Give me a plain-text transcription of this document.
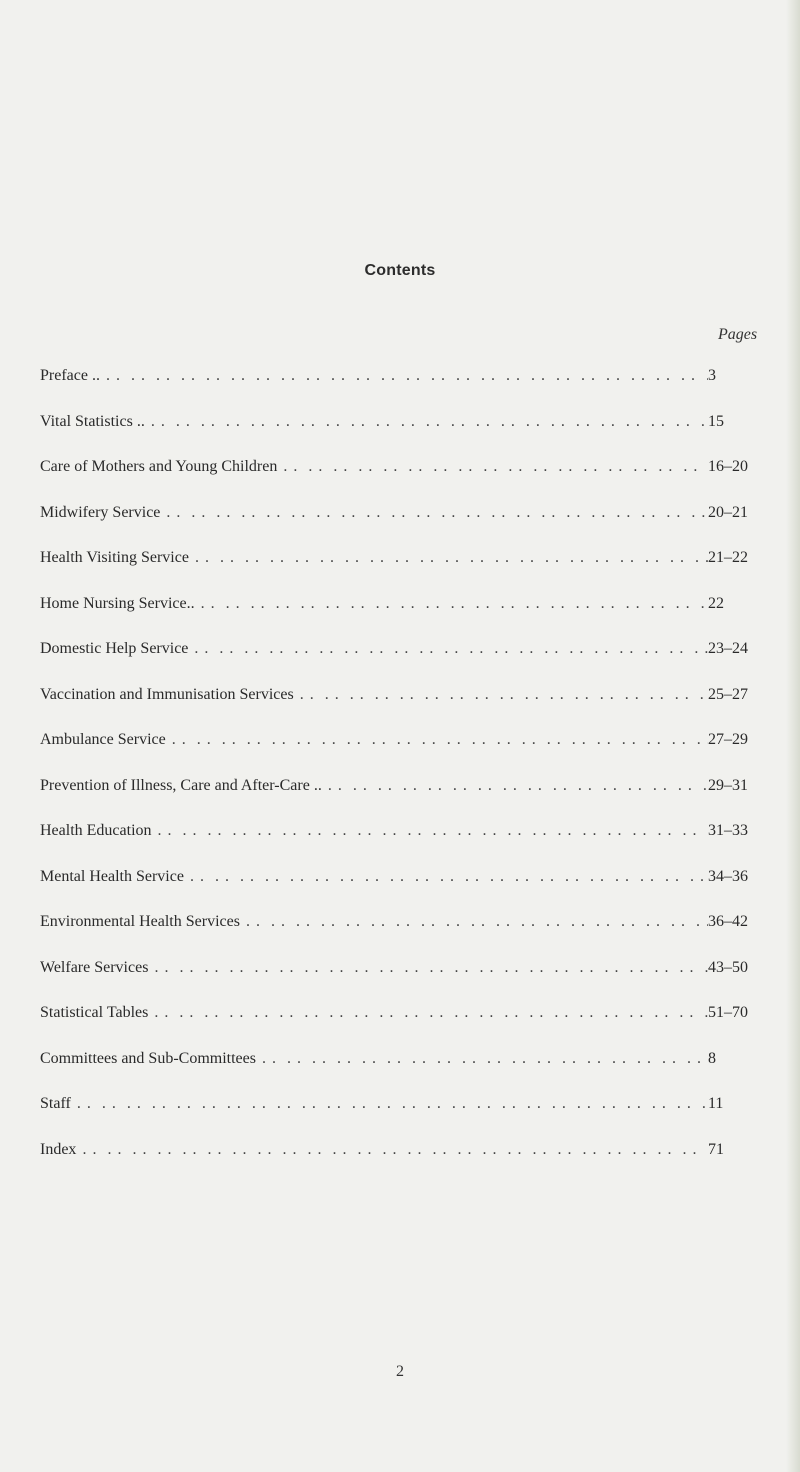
Contents
Pages
Preface .. . .	3
Vital Statistics .. . .	15
Care of Mothers and Young Children . .	16–20
Midwifery Service . .	20–21
Health Visiting Service . .	21–22
Home Nursing Service.. . .	22
Domestic Help Service . .	23–24
Vaccination and Immunisation Services . .	25–27
Ambulance Service . .	27–29
Prevention of Illness, Care and After-Care .. . .	29–31
Health Education . .	31–33
Mental Health Service . .	34–36
Environmental Health Services . .	36–42
Welfare Services . .	43–50
Statistical Tables . .	51–70
Committees and Sub-Committees . .	8
Staff . .	11
Index . .	71
2
